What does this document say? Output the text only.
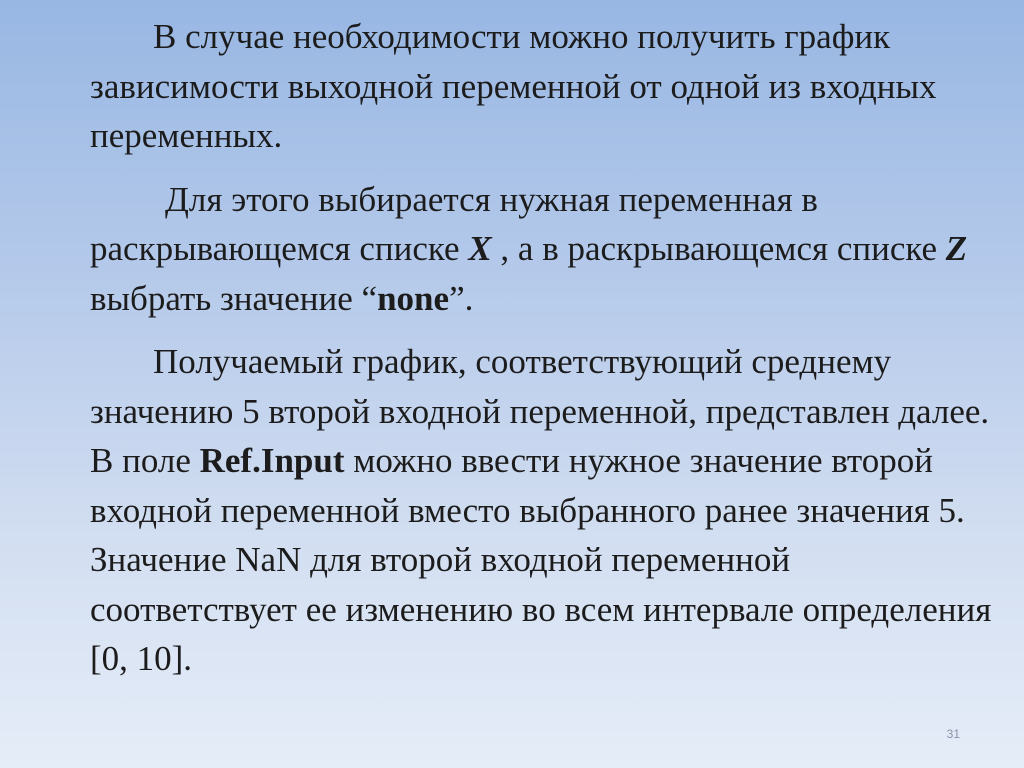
В случае необходимости можно получить график зависимости выходной переменной от одной из входных переменных.

Для этого выбирается нужная переменная в раскрывающемся списке X , а в раскрывающемся списке Z выбрать значение “none”.

Получаемый график, соответствующий среднему значению 5 второй входной переменной, представлен далее. В поле Ref.Input можно ввести нужное значение второй входной переменной вместо выбранного ранее значения 5. Значение NaN для второй входной переменной соответствует ее изменению во всем интервале определения [0, 10].

31
